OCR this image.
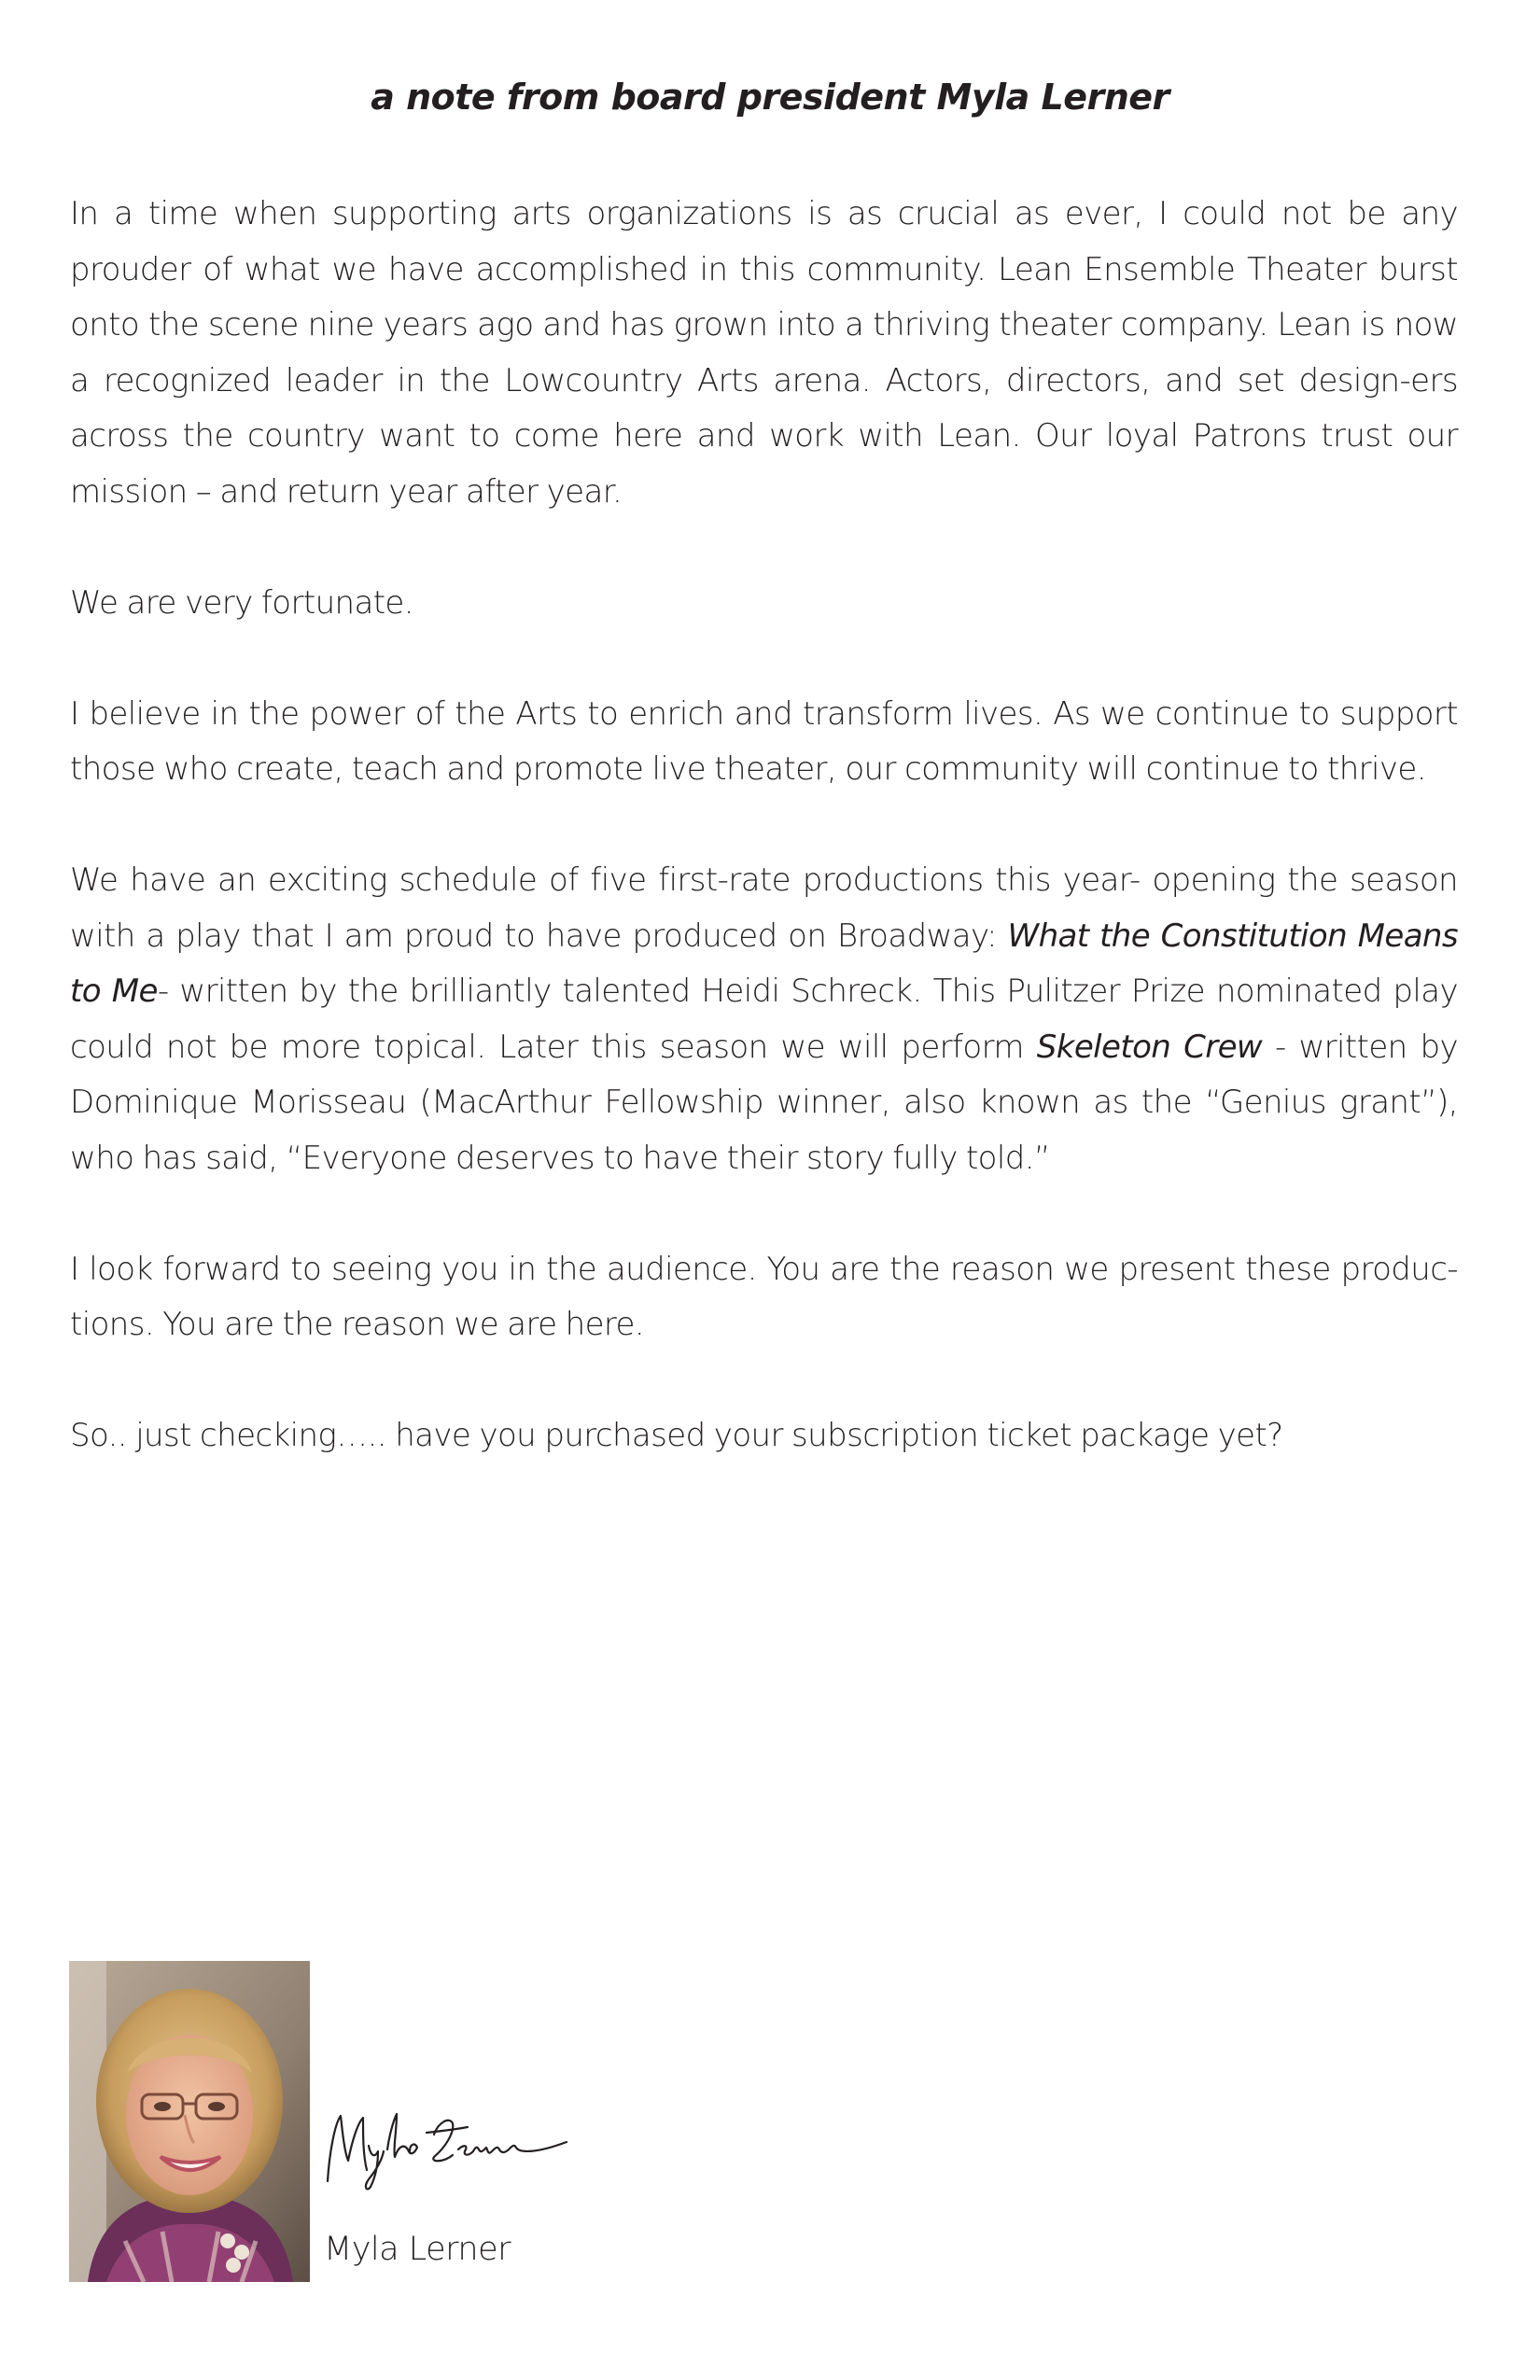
a note from board president Myla Lerner

In a time when supporting arts organizations is as crucial as ever, I could not be any prouder of what we have accomplished in this community. Lean Ensemble Theater burst onto the scene nine years ago and has grown into a thriving theater company. Lean is now a recognized leader in the Lowcountry Arts arena. Actors, directors, and set design-ers across the country want to come here and work with Lean. Our loyal Patrons trust our mission – and return year after year.

We are very fortunate.

I believe in the power of the Arts to enrich and transform lives. As we continue to support those who create, teach and promote live theater, our community will continue to thrive.

We have an exciting schedule of five first-rate productions this year- opening the season with a play that I am proud to have produced on Broadway: What the Constitution Means to Me- written by the brilliantly talented Heidi Schreck. This Pulitzer Prize nominated play could not be more topical. Later this season we will perform Skeleton Crew - written by Dominique Morisseau (MacArthur Fellowship winner, also known as the “Genius grant”), who has said, “Everyone deserves to have their story fully told.”

I look forward to seeing you in the audience. You are the reason we present these produc-tions. You are the reason we are here.

So.. just checking….. have you purchased your subscription ticket package yet?

Myla Lerner
